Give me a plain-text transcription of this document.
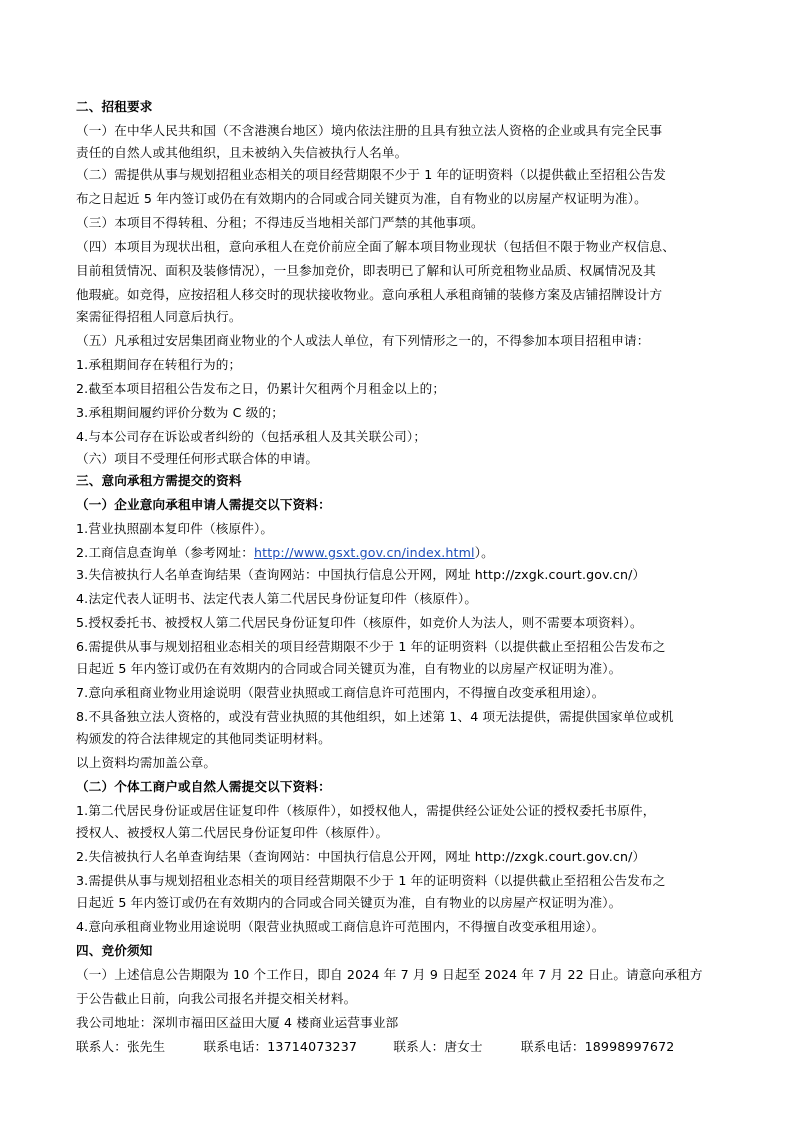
二、招租要求
（一）在中华人民共和国（不含港澳台地区）境内依法注册的且具有独立法人资格的企业或具有完全民事
责任的自然人或其他组织，且未被纳入失信被执行人名单。
（二）需提供从事与规划招租业态相关的项目经营期限不少于 1 年的证明资料（以提供截止至招租公告发
布之日起近 5 年内签订或仍在有效期内的合同或合同关键页为准，自有物业的以房屋产权证明为准）。
（三）本项目不得转租、分租；不得违反当地相关部门严禁的其他事项。
（四）本项目为现状出租，意向承租人在竞价前应全面了解本项目物业现状（包括但不限于物业产权信息、
目前租赁情况、面积及装修情况），一旦参加竞价，即表明已了解和认可所竞租物业品质、权属情况及其
他瑕疵。如竞得，应按招租人移交时的现状接收物业。意向承租人承租商铺的装修方案及店铺招牌设计方
案需征得招租人同意后执行。
（五）凡承租过安居集团商业物业的个人或法人单位，有下列情形之一的，不得参加本项目招租申请：
1.承租期间存在转租行为的；
2.截至本项目招租公告发布之日，仍累计欠租两个月租金以上的；
3.承租期间履约评价分数为 C 级的；
4.与本公司存在诉讼或者纠纷的（包括承租人及其关联公司）；
（六）项目不受理任何形式联合体的申请。
三、意向承租方需提交的资料
（一）企业意向承租申请人需提交以下资料：
1.营业执照副本复印件（核原件）。
2.工商信息查询单（参考网址：http://www.gsxt.gov.cn/index.html）。
3.失信被执行人名单查询结果（查询网站：中国执行信息公开网，网址 http://zxgk.court.gov.cn/）
4.法定代表人证明书、法定代表人第二代居民身份证复印件（核原件）。
5.授权委托书、被授权人第二代居民身份证复印件（核原件，如竞价人为法人，则不需要本项资料）。
6.需提供从事与规划招租业态相关的项目经营期限不少于 1 年的证明资料（以提供截止至招租公告发布之
日起近 5 年内签订或仍在有效期内的合同或合同关键页为准，自有物业的以房屋产权证明为准）。
7.意向承租商业物业用途说明（限营业执照或工商信息许可范围内，不得擅自改变承租用途）。
8.不具备独立法人资格的，或没有营业执照的其他组织，如上述第 1、4 项无法提供，需提供国家单位或机
构颁发的符合法律规定的其他同类证明材料。
以上资料均需加盖公章。
（二）个体工商户或自然人需提交以下资料：
1.第二代居民身份证或居住证复印件（核原件），如授权他人，需提供经公证处公证的授权委托书原件，
授权人、被授权人第二代居民身份证复印件（核原件）。
2.失信被执行人名单查询结果（查询网站：中国执行信息公开网，网址 http://zxgk.court.gov.cn/）
3.需提供从事与规划招租业态相关的项目经营期限不少于 1 年的证明资料（以提供截止至招租公告发布之
日起近 5 年内签订或仍在有效期内的合同或合同关键页为准，自有物业的以房屋产权证明为准）。
4.意向承租商业物业用途说明（限营业执照或工商信息许可范围内，不得擅自改变承租用途）。
四、竞价须知
（一）上述信息公告期限为 10 个工作日，即自 2024 年 7 月 9 日起至 2024 年 7 月 22 日止。请意向承租方
于公告截止日前，向我公司报名并提交相关材料。
我公司地址：深圳市福田区益田大厦 4 楼商业运营事业部
联系人：张先生	联系电话：13714073237	联系人：唐女士	联系电话：18998997672
